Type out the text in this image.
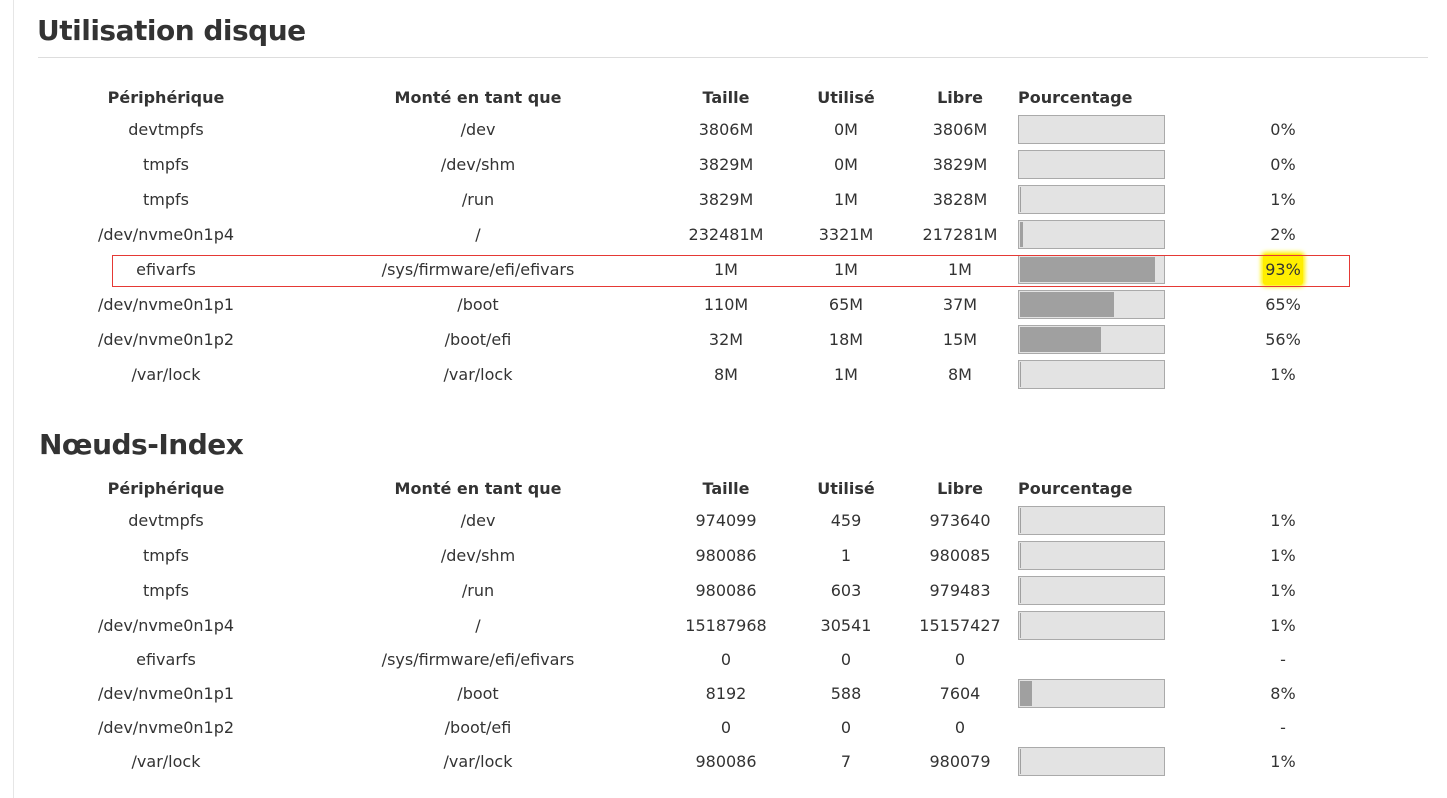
Utilisation disque
Périphérique	Monté en tant que	Taille	Utilisé	Libre	Pourcentage	
devtmpfs	/dev	3806M	0M	3806M		0%
tmpfs	/dev/shm	3829M	0M	3829M		0%
tmpfs	/run	3829M	1M	3828M		1%
/dev/nvme0n1p4	/	232481M	3321M	217281M		2%
efivarfs	/sys/firmware/efi/efivars	1M	1M	1M		93%
/dev/nvme0n1p1	/boot	110M	65M	37M		65%
/dev/nvme0n1p2	/boot/efi	32M	18M	15M		56%
/var/lock	/var/lock	8M	1M	8M		1%
Nœuds-Index
Périphérique	Monté en tant que	Taille	Utilisé	Libre	Pourcentage	
devtmpfs	/dev	974099	459	973640		1%
tmpfs	/dev/shm	980086	1	980085		1%
tmpfs	/run	980086	603	979483		1%
/dev/nvme0n1p4	/	15187968	30541	15157427		1%
efivarfs	/sys/firmware/efi/efivars	0	0	0		-
/dev/nvme0n1p1	/boot	8192	588	7604		8%
/dev/nvme0n1p2	/boot/efi	0	0	0		-
/var/lock	/var/lock	980086	7	980079		1%
